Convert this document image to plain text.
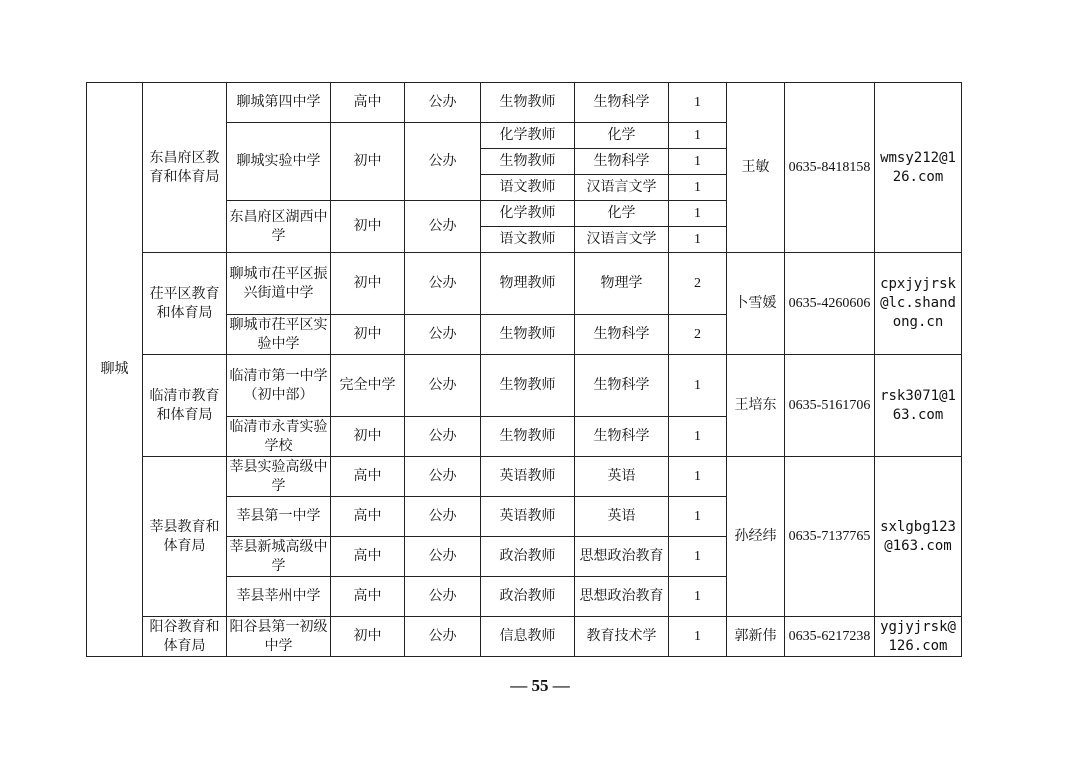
聊城	东昌府区教育和体育局	聊城第四中学	高中	公办	生物教师	生物科学	1	王敏	0635-8418158	wmsy212@126.com
		聊城实验中学	初中	公办	化学教师	化学	1			
					生物教师	生物科学	1			
					语文教师	汉语言文学	1			
		东昌府区湖西中学	初中	公办	化学教师	化学	1			
					语文教师	汉语言文学	1			
	茌平区教育和体育局	聊城市茌平区振兴街道中学	初中	公办	物理教师	物理学	2	卜雪媛	0635-4260606	cpxjyjrsk@lc.shandong.cn
		聊城市茌平区实验中学	初中	公办	生物教师	生物科学	2			
	临清市教育和体育局	临清市第一中学（初中部）	完全中学	公办	生物教师	生物科学	1	王培东	0635-5161706	rsk3071@163.com
		临清市永青实验学校	初中	公办	生物教师	生物科学	1			
	莘县教育和体育局	莘县实验高级中学	高中	公办	英语教师	英语	1	孙经纬	0635-7137765	sxlgbg123@163.com
		莘县第一中学	高中	公办	英语教师	英语	1			
		莘县新城高级中学	高中	公办	政治教师	思想政治教育	1			
		莘县莘州中学	高中	公办	政治教师	思想政治教育	1			
	阳谷教育和体育局	阳谷县第一初级中学	初中	公办	信息教师	教育技术学	1	郭新伟	0635-6217238	ygjyjrsk@126.com
— 55 —
